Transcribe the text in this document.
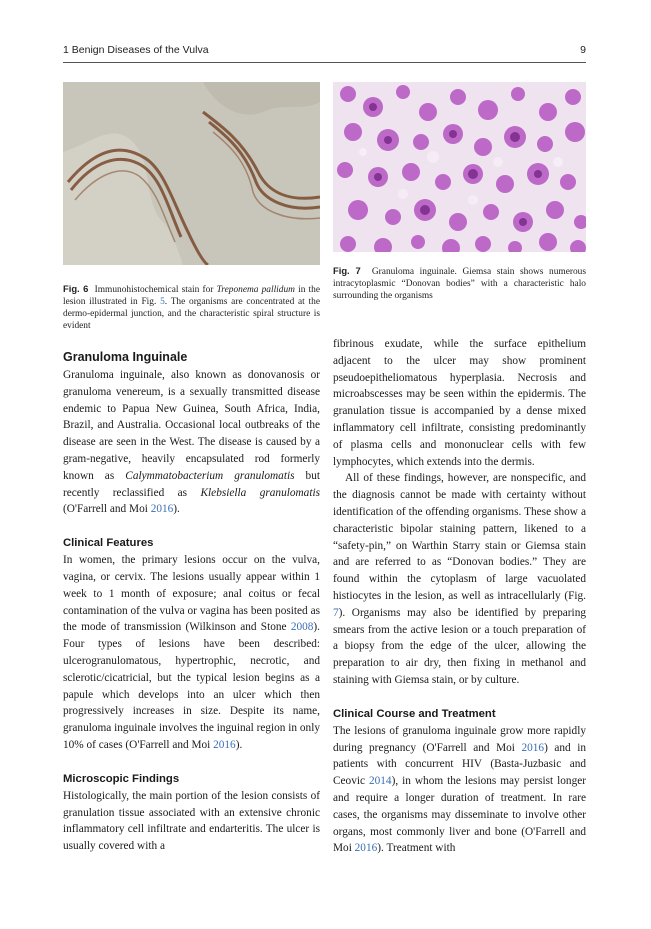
1 Benign Diseases of the Vulva	9
Fig. 6 Immunohistochemical stain for Treponema pallidum in the lesion illustrated in Fig. 5. The organisms are concentrated at the dermo-epidermal junction, and the characteristic spiral structure is evident
Fig. 7 Granuloma inguinale. Giemsa stain shows numerous intracytoplasmic “Donovan bodies” with a characteristic halo surrounding the organisms
Granuloma Inguinale

Granuloma inguinale, also known as donovanosis or granuloma venereum, is a sexually transmitted disease endemic to Papua New Guinea, South Africa, India, Brazil, and Australia. Occasional local outbreaks of the disease are seen in the West. The disease is caused by a gram-negative, heavily encapsulated rod formerly known as Calymmatobacterium granulomatis but recently reclassified as Klebsiella granulomatis (O'Farrell and Moi 2016).

Clinical Features

In women, the primary lesions occur on the vulva, vagina, or cervix. The lesions usually appear within 1 week to 1 month of exposure; anal coitus or fecal contamination of the vulva or vagina has been posited as the mode of transmission (Wilkinson and Stone 2008). Four types of lesions have been described: ulcerogranulomatous, hypertrophic, necrotic, and sclerotic/cicatricial, but the typical lesion begins as a papule which develops into an ulcer which then progressively increases in size. Despite its name, granuloma inguinale involves the inguinal region in only 10% of cases (O'Farrell and Moi 2016).

Microscopic Findings

Histologically, the main portion of the lesion consists of granulation tissue associated with an extensive chronic inflammatory cell infiltrate and endarteritis. The ulcer is usually covered with a

fibrinous exudate, while the surface epithelium adjacent to the ulcer may show prominent pseudoepitheliomatous hyperplasia. Necrosis and microabscesses may be seen within the epidermis. The granulation tissue is accompanied by a dense mixed inflammatory cell infiltrate, consisting predominantly of plasma cells and mononuclear cells with few lymphocytes, which extends into the dermis.

All of these findings, however, are nonspecific, and the diagnosis cannot be made with certainty without identification of the offending organisms. These show a characteristic bipolar staining pattern, likened to a “safety-pin,” on Warthin Starry stain or Giemsa stain and are referred to as “Donovan bodies.” They are found within the cytoplasm of large vacuolated histiocytes in the lesion, as well as intracellularly (Fig. 7). Organisms may also be identified by preparing smears from the active lesion or a touch preparation of a biopsy from the edge of the ulcer, allowing the preparation to air dry, then fixing in methanol and staining with Giemsa stain, or by culture.

Clinical Course and Treatment

The lesions of granuloma inguinale grow more rapidly during pregnancy (O'Farrell and Moi 2016) and in patients with concurrent HIV (Basta-Juzbasic and Ceovic 2014), in whom the lesions may persist longer and require a longer duration of treatment. In rare cases, the organisms may disseminate to involve other organs, most commonly liver and bone (O'Farrell and Moi 2016). Treatment with
